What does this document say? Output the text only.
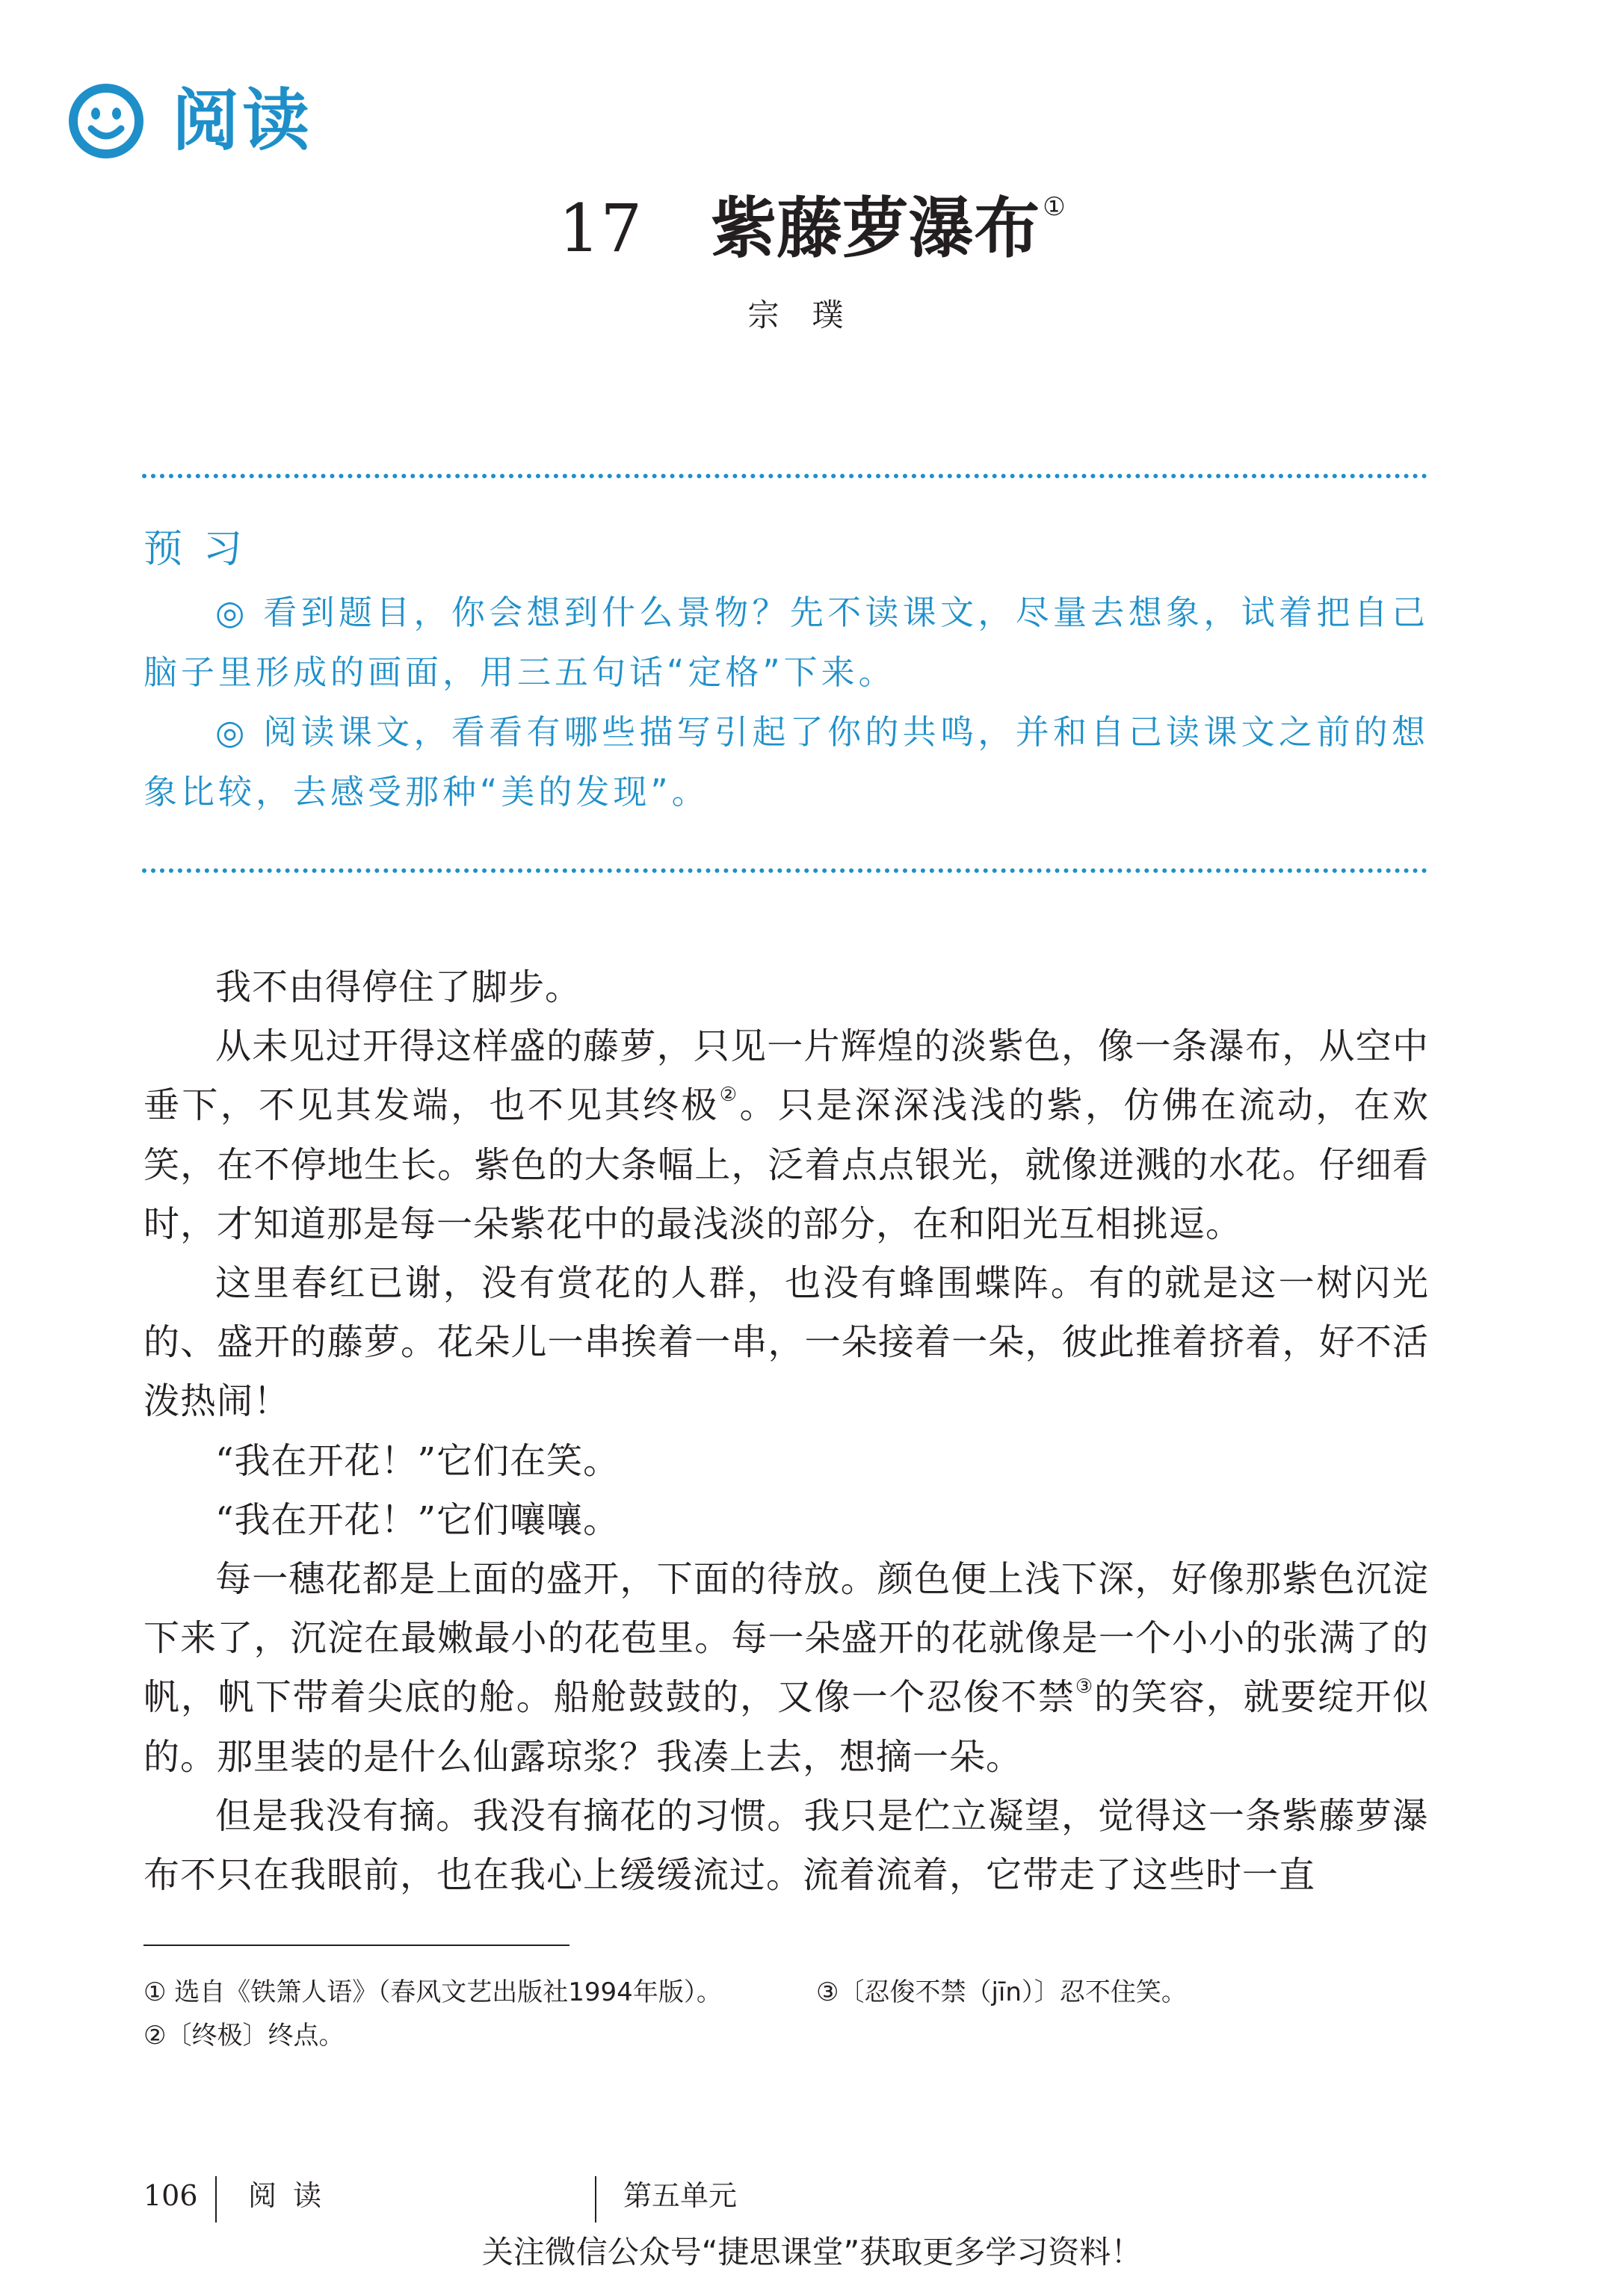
阅读
17 紫藤萝瀑布 ①
宗璞
预习

◎ 看到题目，你会想到什么景物？先不读课文，尽量去想象，试着把自己脑子里形成的画面，用三五句话“定格”下来。

◎ 阅读课文，看看有哪些描写引起了你的共鸣，并和自己读课文之前的想象比较，去感受那种“美的发现”。

我不由得停住了脚步。

从未见过开得这样盛的藤萝，只见一片辉煌的淡紫色，像一条瀑布，从空中垂下，不见其发端，也不见其终极②。只是深深浅浅的紫，仿佛在流动，在欢笑，在不停地生长。紫色的大条幅上，泛着点点银光，就像迸溅的水花。仔细看时，才知道那是每一朵紫花中的最浅淡的部分，在和阳光互相挑逗。

这里春红已谢，没有赏花的人群，也没有蜂围蝶阵。有的就是这一树闪光的、盛开的藤萝。花朵儿一串挨着一串，一朵接着一朵，彼此推着挤着，好不活泼热闹！

“我在开花！”它们在笑。

“我在开花！”它们嚷嚷。

每一穗花都是上面的盛开，下面的待放。颜色便上浅下深，好像那紫色沉淀下来了，沉淀在最嫩最小的花苞里。每一朵盛开的花就像是一个小小的张满了的帆，帆下带着尖底的舱。船舱鼓鼓的，又像一个忍俊不禁③的笑容，就要绽开似的。那里装的是什么仙露琼浆？我凑上去，想摘一朵。

但是我没有摘。我没有摘花的习惯。我只是伫立凝望，觉得这一条紫藤萝瀑布不只在我眼前，也在我心上缓缓流过。流着流着，它带走了这些时一直

① 选自《铁箫人语》（春风文艺出版社1994年版）。	③〔忍俊不禁（jīn）〕忍不住笑。
②〔终极〕终点。
106 阅读	第五单元
关注微信公众号“捷思课堂”获取更多学习资料！
